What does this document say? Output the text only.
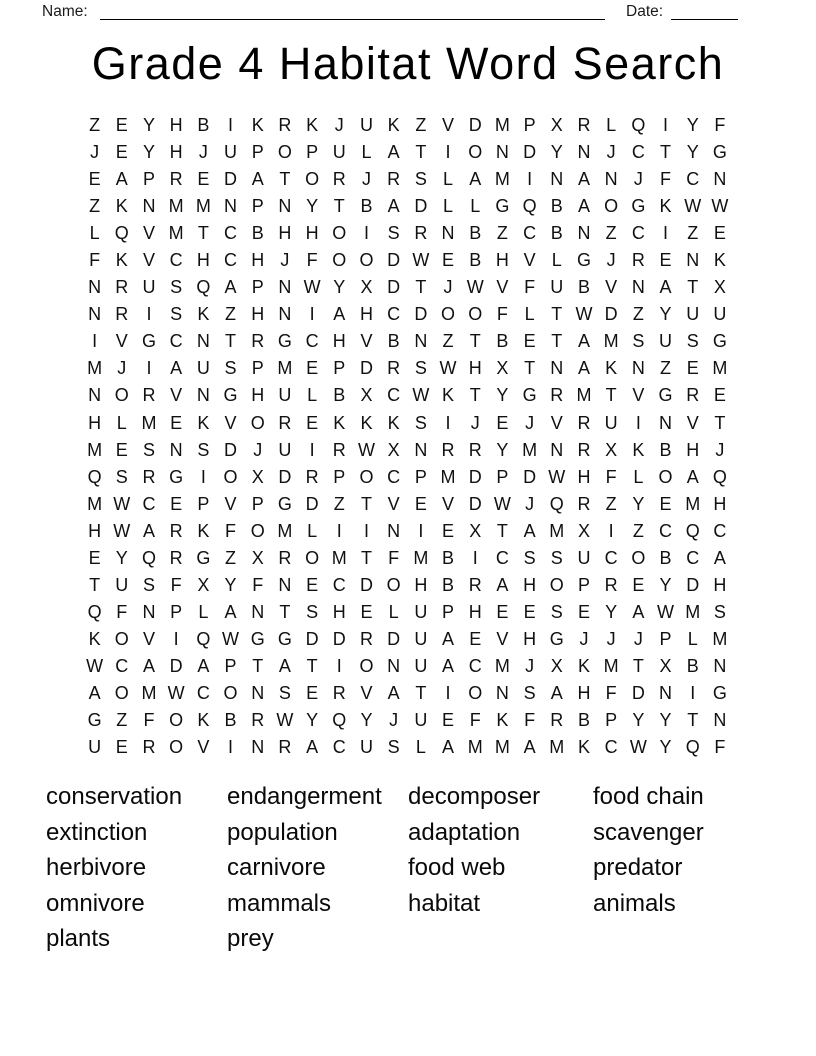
Name:	Date:
Grade 4 Habitat Word Search
Z E Y H B	I	K R K J U K Z V D M P X R L Q I	Y F
J E Y H J U P O P U L A T	I O N D Y N J C T Y G
E A P R E D A T O R J R S L A M I	N A N J F C N
Z K N M M N P N Y T B A D L L G Q B A O G K W W
L Q V M T C B H H O I	S R N B Z C B N Z C	I	Z E
F K V C H C H J F O O D W E B H V L G J R E N K
N R U S Q A P N W Y X D T J W V F U B V N A T X
N R	I	S K Z H N	I	A H C D O O F L T W D Z Y U U
I	V G C N T R G C H V B N Z T B E T A M S U S G
M J	I	A U S P M E P D R S W H X T N A K N Z E M
N O R V N G H U L B X C W K T Y G R M T V G R E
H L M E K V O R E K K K S	I	J E J V R U	I	N V T
M E S N S D J U	I	R W X N R R Y M N R X K B H J
Q S R G I O X D R P O C P M D P D W H F L O A Q
M W C E P V P G D Z T V E V D W J Q R Z Y E M H
H W A R K F O M L	I	I	N	I	E X T A M X	I	Z C Q C
E Y Q R G Z X R O M T F M B	I	C S S U C O B C A
T U S F X Y F N E C D O H B R A H O P R E Y D H
Q F N P L A N T S H E L U P H E E S E Y A W M S
K O V	I Q W G G D D R D U A E V H G J	J	J P L M
W C A D A P T A T	I O N U A C M J X K M T X B N
A O M W C O N S E R V A T	I O N S A H F D N	I G
G Z F O K B R W Y Q Y J U E F K F R B P Y Y T N
U E R O V	I	N R A C U S L A M M A M K C W Y Q F
conservation
extinction
herbivore
omnivore
plants
endangerment
population
carnivore
mammals
prey
decomposer
adaptation
food web
habitat
food chain
scavenger
predator
animals
